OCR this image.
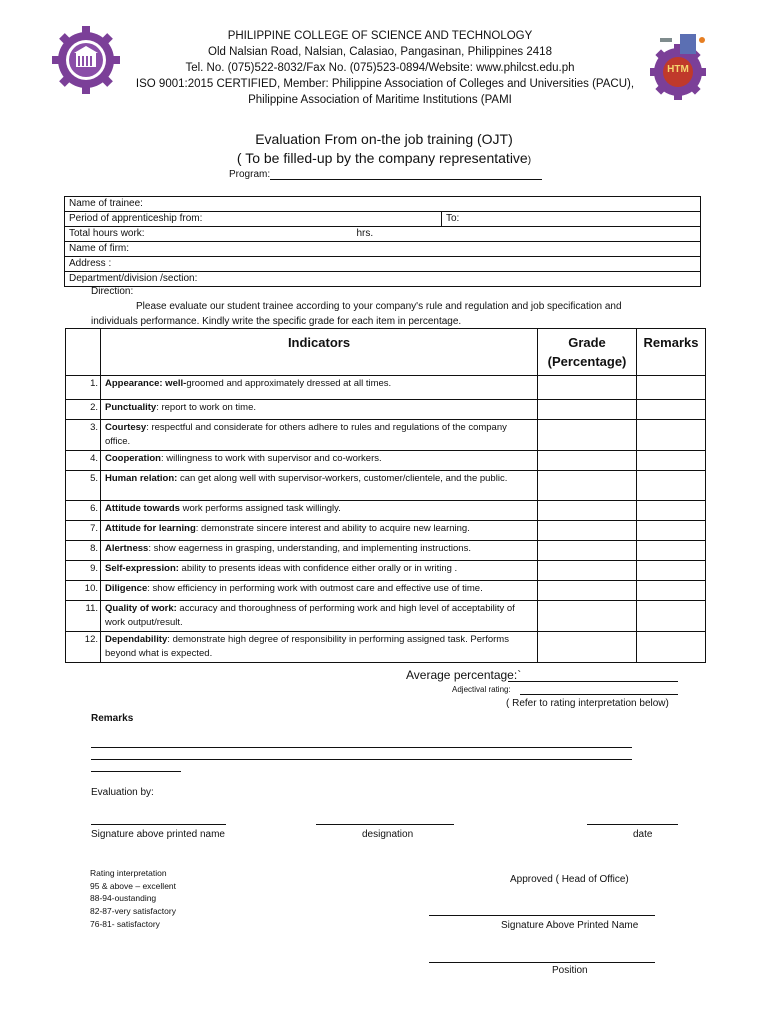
HTM
PHILIPPINE COLLEGE OF SCIENCE AND TECHNOLOGY
Old Nalsian Road, Nalsian, Calasiao, Pangasinan, Philippines 2418
Tel. No. (075)522-8032/Fax No. (075)523-0894/Website: www.philcst.edu.ph
ISO 9001:2015 CERTIFIED, Member: Philippine Association of Colleges and Universities (PACU),
Philippine Association of Maritime Institutions (PAMI
Evaluation From on-the job training (OJT)
( To be filled-up by the company representative)
Program:
Name of trainee:
Period of apprenticeship from:	To:
Total hours work:	hrs.

Name of firm:
Address :
Department/division /section:
Direction:
Please evaluate our student trainee according to your company's rule and regulation and job specification and
individuals performance. Kindly write the specific grade for each item in percentage.
	Indicators	Grade (Percentage)	Remarks
1.	Appearance: well-groomed and approximately dressed at all times.		
2.	Punctuality: report to work on time.		
3.	Courtesy: respectful and considerate for others adhere to rules and regulations of the company office.		
4.	Cooperation: willingness to work with supervisor and co-workers.		
5.	Human relation: can get along well with supervisor-workers, customer/clientele, and the public.		
6.	Attitude towards work performs assigned task willingly.		
7.	Attitude for learning: demonstrate sincere interest and ability to acquire new learning.		
8.	Alertness: show eagerness in grasping, understanding, and implementing instructions.		
9.	Self-expression: ability to presents ideas with confidence either orally or in writing .		
10.	Diligence: show efficiency in performing work with outmost care and effective use of time.		
11.	Quality of work: accuracy and thoroughness of performing work and high level of acceptability of work output/result.		
12.	Dependability: demonstrate high degree of responsibility in performing assigned task. Performs beyond what is expected.		
Average percentage:`
Adjectival rating:
( Refer to rating interpretation below)
Remarks
Evaluation by:
Signature above printed name	designation	date
Rating interpretation
95 & above – excellent
88-94-oustanding
82-87-very satisfactory
76-81- satisfactory
Approved ( Head of Office)
Signature Above Printed Name
Position
